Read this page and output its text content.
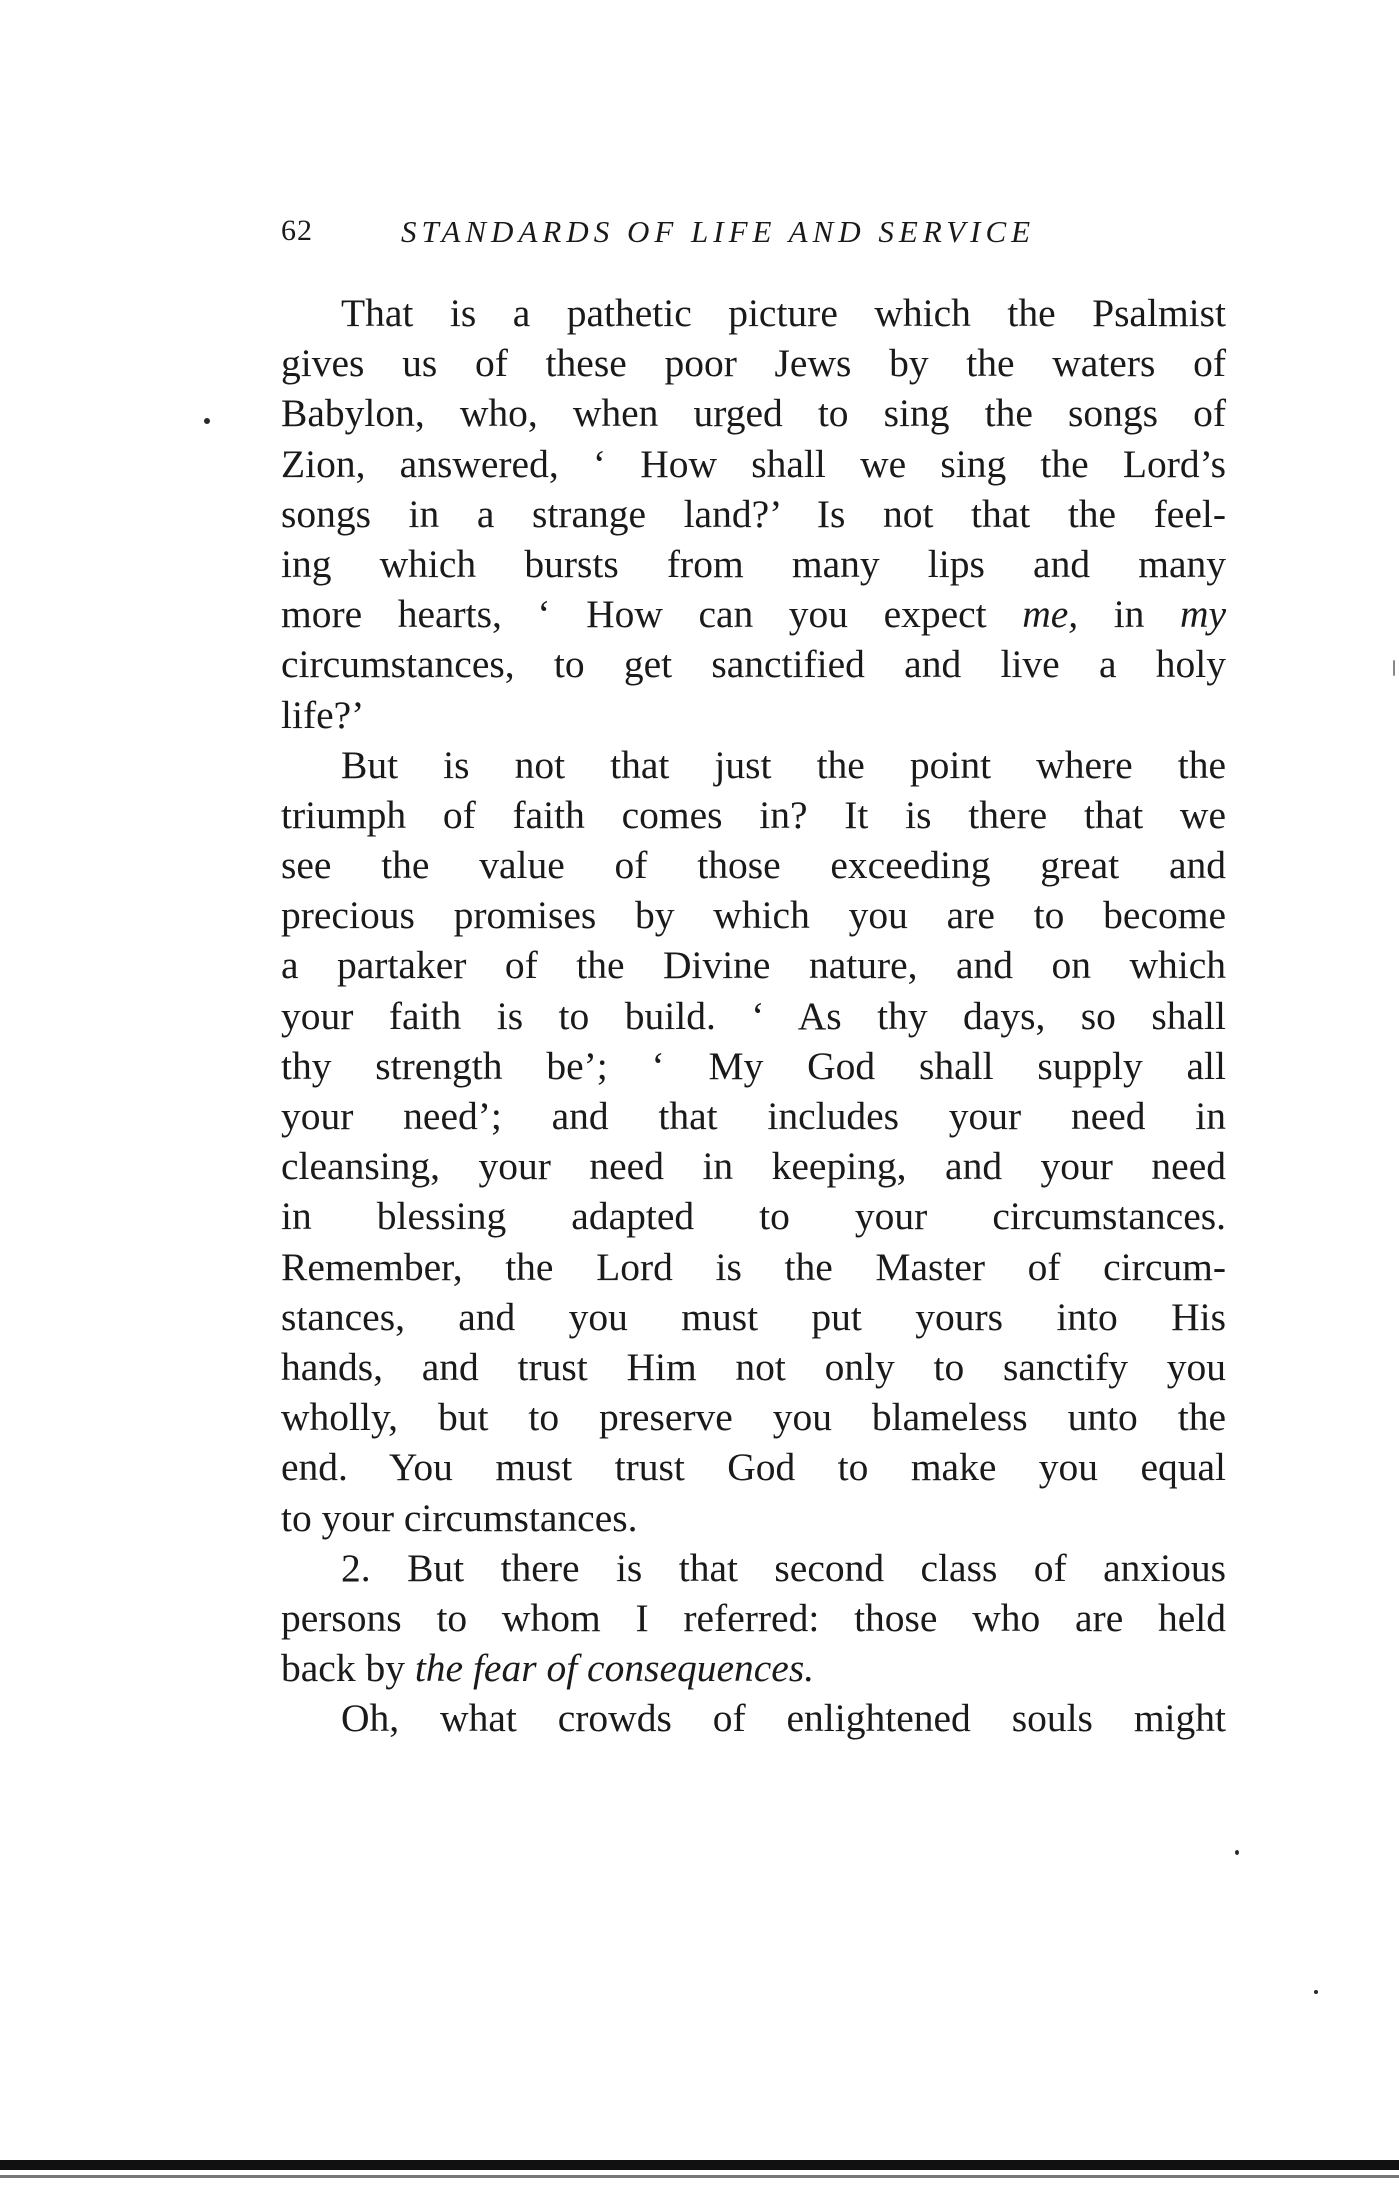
62	STANDARDS OF LIFE AND SERVICE
That is a pathetic picture which the Psalmist
gives us of these poor Jews by the waters of
Babylon, who, when urged to sing the songs of
Zion, answered, ‘ How shall we sing the Lord’s
songs in a strange land?’ Is not that the feel-
ing which bursts from many lips and many
more hearts, ‘ How can you expect me, in my
circumstances, to get sanctified and live a holy
life?’
But is not that just the point where the
triumph of faith comes in? It is there that we
see the value of those exceeding great and
precious promises by which you are to become
a partaker of the Divine nature, and on which
your faith is to build. ‘ As thy days, so shall
thy strength be’; ‘ My God shall supply all
your need’; and that includes your need in
cleansing, your need in keeping, and your need
in blessing adapted to your circumstances.
Remember, the Lord is the Master of circum-
stances, and you must put yours into His
hands, and trust Him not only to sanctify you
wholly, but to preserve you blameless unto the
end. You must trust God to make you equal
to your circumstances.
2. But there is that second class of anxious
persons to whom I referred: those who are held
back by the fear of consequences.
Oh, what crowds of enlightened souls might
